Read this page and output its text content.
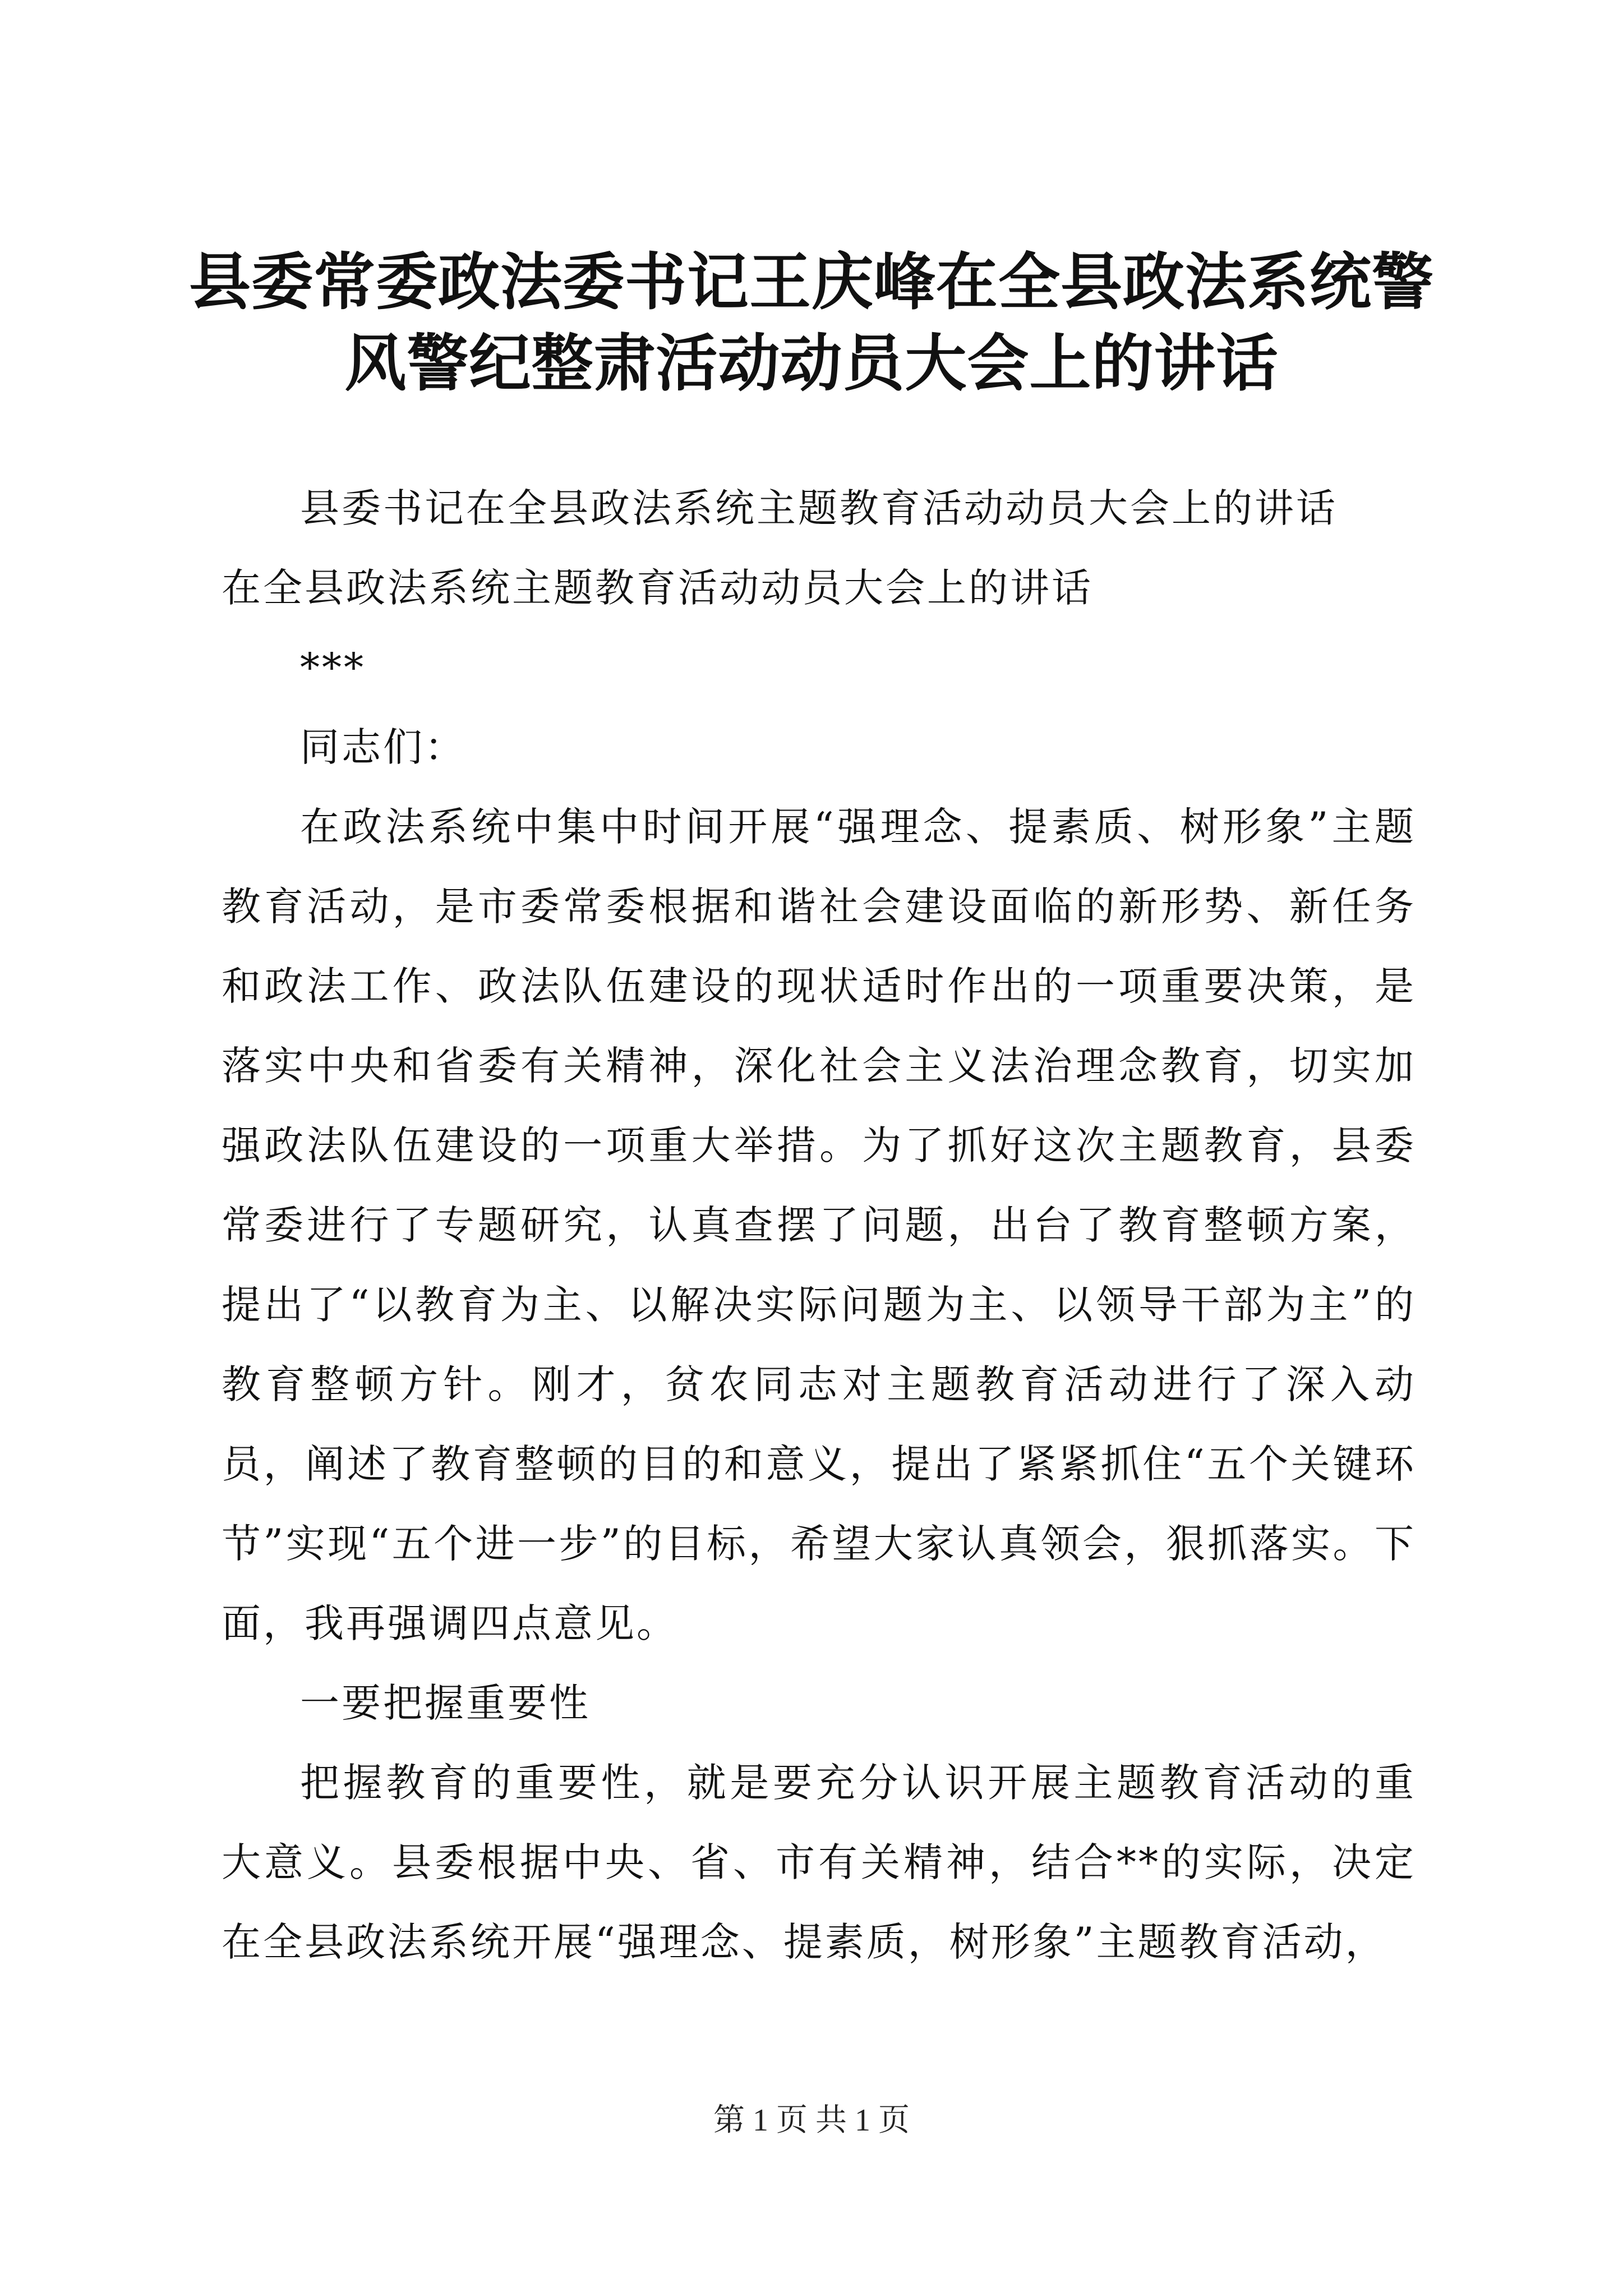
县委常委政法委书记王庆峰在全县政法系统警
风警纪整肃活动动员大会上的讲话

县委书记在全县政法系统主题教育活动动员大会上的讲话

在全县政法系统主题教育活动动员大会上的讲话

***

同志们：

在政法系统中集中时间开展“强理念、提素质、树形象”主题教育活动，是市委常委根据和谐社会建设面临的新形势、新任务和政法工作、政法队伍建设的现状适时作出的一项重要决策，是落实中央和省委有关精神，深化社会主义法治理念教育，切实加强政法队伍建设的一项重大举措。为了抓好这次主题教育，县委常委进行了专题研究，认真查摆了问题，出台了教育整顿方案，提出了“以教育为主、以解决实际问题为主、以领导干部为主”的教育整顿方针。刚才，贫农同志对主题教育活动进行了深入动员，阐述了教育整顿的目的和意义，提出了紧紧抓住“五个关键环节”实现“五个进一步”的目标，希望大家认真领会，狠抓落实。下面，我再强调四点意见。

一要把握重要性

把握教育的重要性，就是要充分认识开展主题教育活动的重大意义。县委根据中央、省、市有关精神，结合**的实际，决定在全县政法系统开展“强理念、提素质，树形象”主题教育活动，

第 1 页 共 1 页
